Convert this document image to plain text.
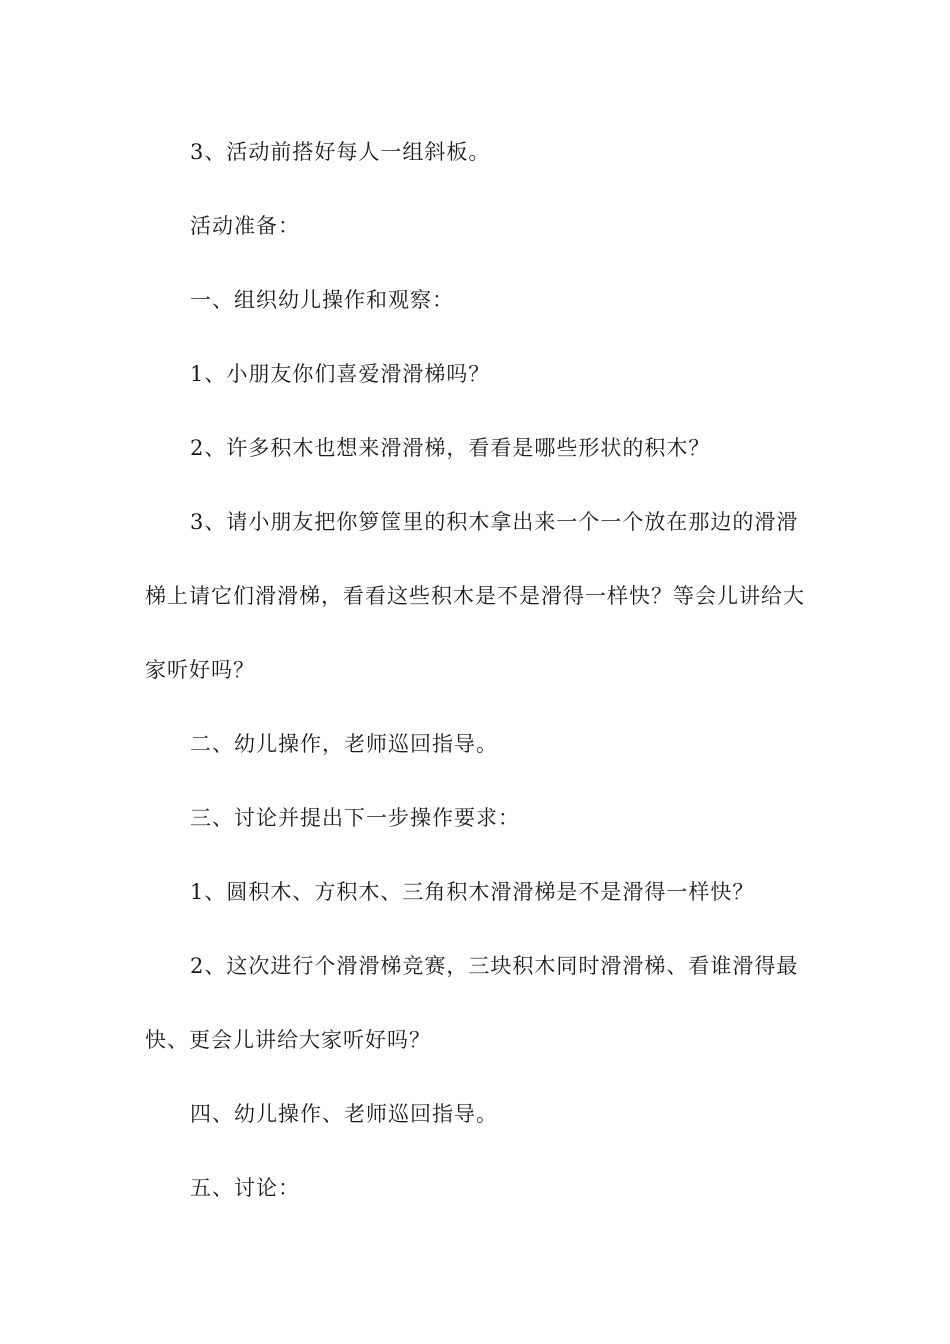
3、活动前搭好每人一组斜板。

活动准备：

一、组织幼儿操作和观察：

1、小朋友你们喜爱滑滑梯吗？

2、许多积木也想来滑滑梯，看看是哪些形状的积木？

3、请小朋友把你箩筐里的积木拿出来一个一个放在那边的滑滑梯上请它们滑滑梯，看看这些积木是不是滑得一样快？等会儿讲给大家听好吗？

二、幼儿操作，老师巡回指导。

三、讨论并提出下一步操作要求：

1、圆积木、方积木、三角积木滑滑梯是不是滑得一样快？

2、这次进行个滑滑梯竞赛，三块积木同时滑滑梯、看谁滑得最快、更会儿讲给大家听好吗？

四、幼儿操作、老师巡回指导。

五、讨论：
